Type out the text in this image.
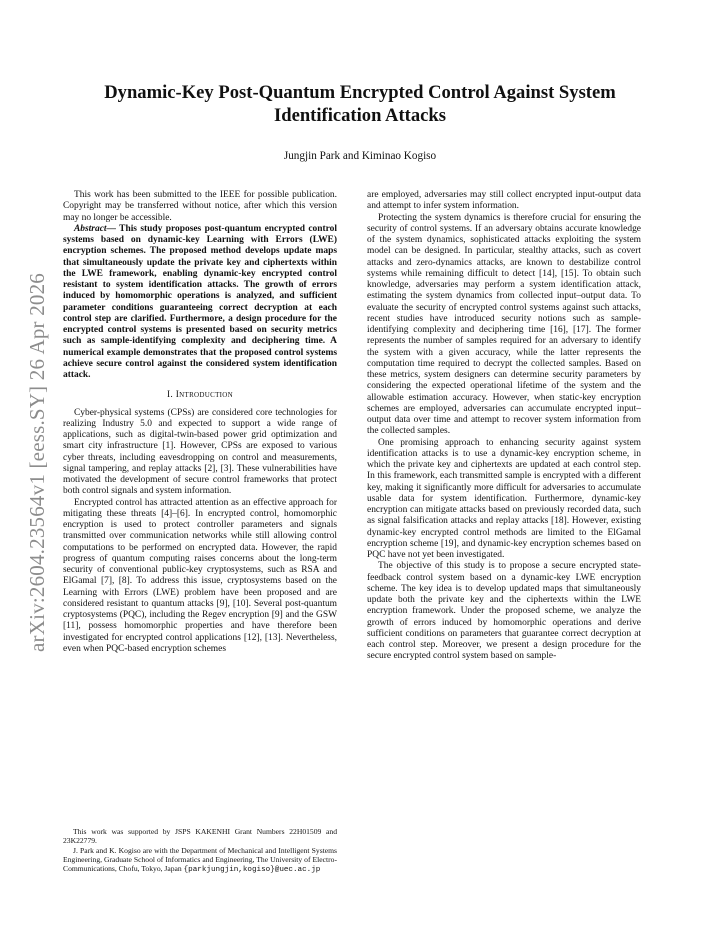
arXiv:2604.23564v1 [eess.SY] 26 Apr 2026
Dynamic-Key Post-Quantum Encrypted Control Against System Identification Attacks
Jungjin Park and Kiminao Kogiso

This work has been submitted to the IEEE for possible publication. Copyright may be transferred without notice, after which this version may no longer be accessible.

Abstract— This study proposes post-quantum encrypted control systems based on dynamic-key Learning with Errors (LWE) encryption schemes. The proposed method develops update maps that simultaneously update the private key and ciphertexts within the LWE framework, enabling dynamic-key encrypted control resistant to system identification attacks. The growth of errors induced by homomorphic operations is analyzed, and sufficient parameter conditions guaranteeing correct decryption at each control step are clarified. Furthermore, a design procedure for the encrypted control systems is presented based on security metrics such as sample-identifying complexity and deciphering time. A numerical example demonstrates that the proposed control systems achieve secure control against the considered system identification attack.

I. Introduction

Cyber-physical systems (CPSs) are considered core technologies for realizing Industry 5.0 and expected to support a wide range of applications, such as digital-twin-based power grid optimization and smart city infrastructure [1]. However, CPSs are exposed to various cyber threats, including eavesdropping on control and measurements, signal tampering, and replay attacks [2], [3]. These vulnerabilities have motivated the development of secure control frameworks that protect both control signals and system information.

Encrypted control has attracted attention as an effective approach for mitigating these threats [4]–[6]. In encrypted control, homomorphic encryption is used to protect controller parameters and signals transmitted over communication networks while still allowing control computations to be performed on encrypted data. However, the rapid progress of quantum computing raises concerns about the long-term security of conventional public-key cryptosystems, such as RSA and ElGamal [7], [8]. To address this issue, cryptosystems based on the Learning with Errors (LWE) problem have been proposed and are considered resistant to quantum attacks [9], [10]. Several post-quantum cryptosystems (PQC), including the Regev encryption [9] and the GSW [11], possess homomorphic properties and have therefore been investigated for encrypted control applications [12], [13]. Nevertheless, even when PQC-based encryption schemes

This work was supported by JSPS KAKENHI Grant Numbers 22H01509 and 23K22779.

J. Park and K. Kogiso are with the Department of Mechanical and Intelligent Systems Engineering, Graduate School of Informatics and Engineering, The University of Electro-Communications, Chofu, Tokyo, Japan {parkjungjin,kogiso}@uec.ac.jp

are employed, adversaries may still collect encrypted input-output data and attempt to infer system information.

Protecting the system dynamics is therefore crucial for ensuring the security of control systems. If an adversary obtains accurate knowledge of the system dynamics, sophisticated attacks exploiting the system model can be designed. In particular, stealthy attacks, such as covert attacks and zero-dynamics attacks, are known to destabilize control systems while remaining difficult to detect [14], [15]. To obtain such knowledge, adversaries may perform a system identification attack, estimating the system dynamics from collected input–output data. To evaluate the security of encrypted control systems against such attacks, recent studies have introduced security notions such as sample-identifying complexity and deciphering time [16], [17]. The former represents the number of samples required for an adversary to identify the system with a given accuracy, while the latter represents the computation time required to decrypt the collected samples. Based on these metrics, system designers can determine security parameters by considering the expected operational lifetime of the system and the allowable estimation accuracy. However, when static-key encryption schemes are employed, adversaries can accumulate encrypted input–output data over time and attempt to recover system information from the collected samples.

One promising approach to enhancing security against system identification attacks is to use a dynamic-key encryption scheme, in which the private key and ciphertexts are updated at each control step. In this framework, each transmitted sample is encrypted with a different key, making it significantly more difficult for adversaries to accumulate usable data for system identification. Furthermore, dynamic-key encryption can mitigate attacks based on previously recorded data, such as signal falsification attacks and replay attacks [18]. However, existing dynamic-key encrypted control methods are limited to the ElGamal encryption scheme [19], and dynamic-key encryption schemes based on PQC have not yet been investigated.

The objective of this study is to propose a secure encrypted state-feedback control system based on a dynamic-key LWE encryption scheme. The key idea is to develop updated maps that simultaneously update both the private key and the ciphertexts within the LWE encryption framework. Under the proposed scheme, we analyze the growth of errors induced by homomorphic operations and derive sufficient conditions on parameters that guarantee correct decryption at each control step. Moreover, we present a design procedure for the secure encrypted control system based on sample-
